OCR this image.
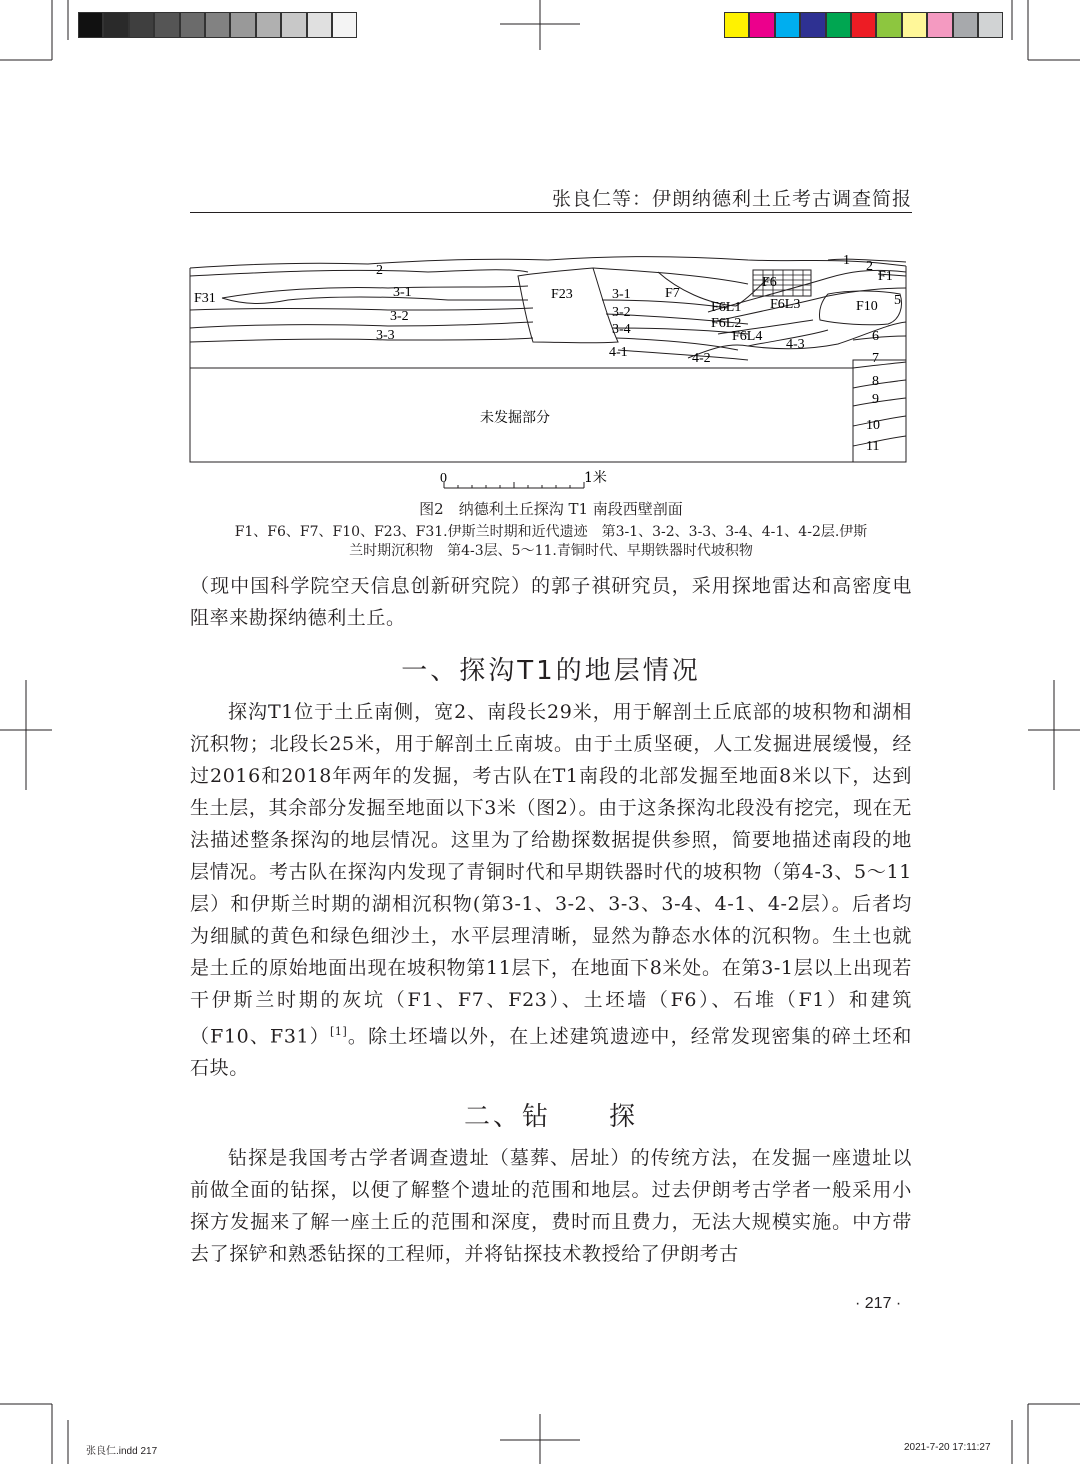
张良仁等：伊朗纳德利土丘考古调查简报
2
3-1
3-2
3-3
F31	F23	3-1
3-2
3-4
4-1
F7
F6
F6L1
F6L2
F6L3
F6L4
4-2
4-3
1 2
F1
F10 5
6
7
8
9
10
11
未发掘部分
0	1米
图2　纳德利土丘探沟 T1 南段西壁剖面
F1、F6、F7、F10、F23、F31.伊斯兰时期和近代遗迹　第3-1、3-2、3-3、3-4、4-1、4-2层.伊斯
兰时期沉积物　第4-3层、5～11.青铜时代、早期铁器时代坡积物

（现中国科学院空天信息创新研究院）的郭子祺研究员，采用探地雷达和高密度电阻率来勘探纳德利土丘。

一、探沟T1的地层情况

探沟T1位于土丘南侧，宽2、南段长29米，用于解剖土丘底部的坡积物和湖相沉积物；北段长25米，用于解剖土丘南坡。由于土质坚硬，人工发掘进展缓慢，经过2016和2018年两年的发掘，考古队在T1南段的北部发掘至地面8米以下，达到生土层，其余部分发掘至地面以下3米（图2）。由于这条探沟北段没有挖完，现在无法描述整条探沟的地层情况。这里为了给勘探数据提供参照，简要地描述南段的地层情况。考古队在探沟内发现了青铜时代和早期铁器时代的坡积物（第4-3、5～11层）和伊斯兰时期的湖相沉积物(第3-1、3-2、3-3、3-4、4-1、4-2层）。后者均为细腻的黄色和绿色细沙土，水平层理清晰，显然为静态水体的沉积物。生土也就是土丘的原始地面出现在坡积物第11层下，在地面下8米处。在第3-1层以上出现若干伊斯兰时期的灰坑（F1、F7、F23）、土坯墙（F6）、石堆（F1）和建筑（F10、F31）[1]。除土坯墙以外，在上述建筑遗迹中，经常发现密集的碎土坯和石块。

二、钻　　探

钻探是我国考古学者调查遗址（墓葬、居址）的传统方法，在发掘一座遗址以前做全面的钻探，以便了解整个遗址的范围和地层。过去伊朗考古学者一般采用小探方发掘来了解一座土丘的范围和深度，费时而且费力，无法大规模实施。中方带去了探铲和熟悉钻探的工程师，并将钻探技术教授给了伊朗考古

· 217 ·
张良仁.indd 217	2021-7-20 17:11:27
